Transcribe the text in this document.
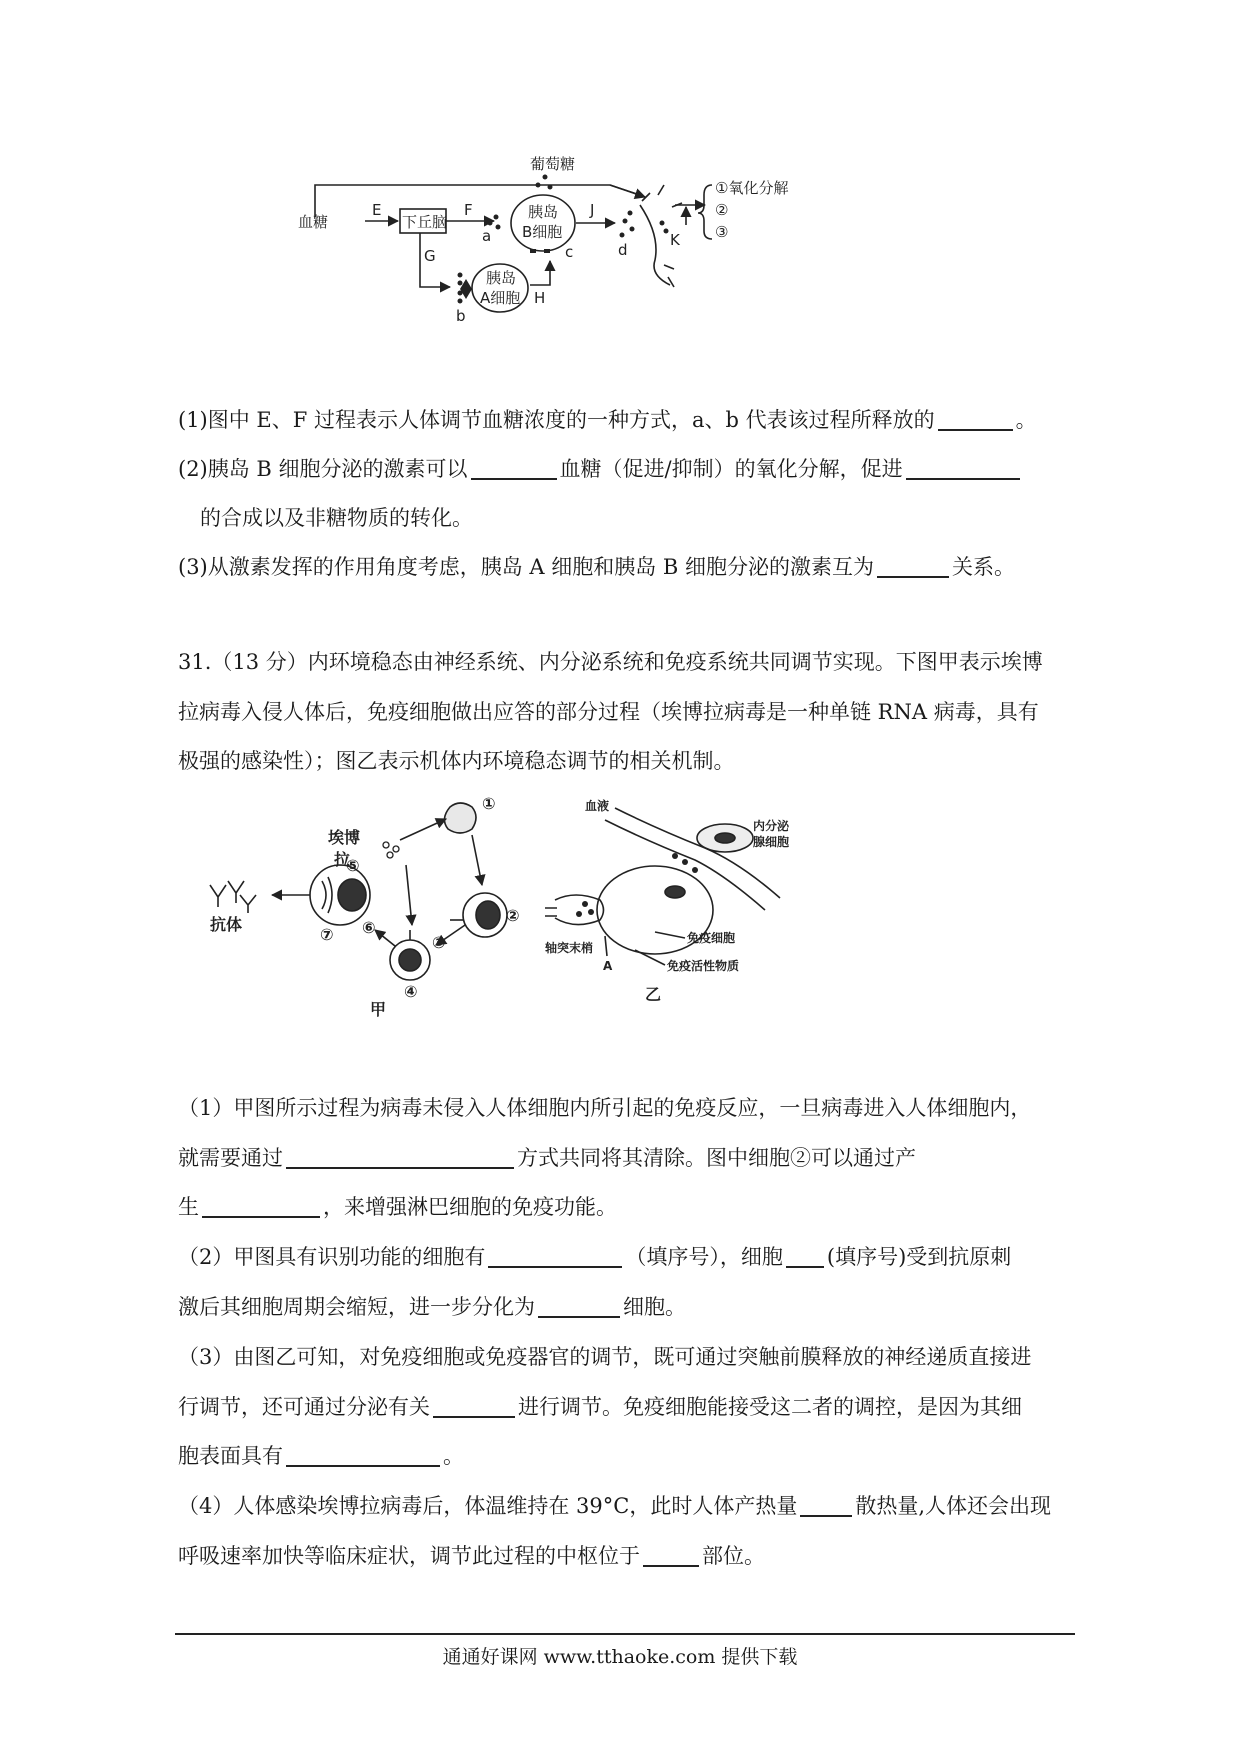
葡萄糖
血糖
E
下丘脑
F
G
胰岛
B细胞
胰岛
A细胞
a
b
c	d
H
J
K
①氧化分解
②
③
(1)图中 E、F 过程表示人体调节血糖浓度的一种方式，a、b 代表该过程所释放的	。
(2)胰岛 B 细胞分泌的激素可以	血糖（促进/抑制）的氧化分解，促进
的合成以及非糖物质的转化。
(3)从激素发挥的作用角度考虑，胰岛 A 细胞和胰岛 B 细胞分泌的激素互为	关系。
31.（13 分）内环境稳态由神经系统、内分泌系统和免疫系统共同调节实现。下图甲表示埃博
拉病毒入侵人体后，免疫细胞做出应答的部分过程（埃博拉病毒是一种单链 RNA 病毒，具有
极强的感染性）；图乙表示机体内环境稳态调节的相关机制。
抗体
埃博
拉
①
②
③
④
⑤
⑥
⑦
甲
血液
内分泌
腺细胞
轴突末梢
A
免疫细胞
免疫活性物质
乙
（1）甲图所示过程为病毒未侵入人体细胞内所引起的免疫反应，一旦病毒进入人体细胞内，
就需要通过	方式共同将其清除。图中细胞②可以通过产
生	，来增强淋巴细胞的免疫功能。
（2）甲图具有识别功能的细胞有	（填序号），细胞 (填序号)受到抗原刺
激后其细胞周期会缩短，进一步分化为	细胞。
（3）由图乙可知，对免疫细胞或免疫器官的调节，既可通过突触前膜释放的神经递质直接进
行调节，还可通过分泌有关	进行调节。免疫细胞能接受这二者的调控，是因为其细
胞表面具有	。
（4）人体感染埃博拉病毒后，体温维持在 39°C，此时人体产热量	散热量,人体还会出现
呼吸速率加快等临床症状，调节此过程的中枢位于	部位。
通通好课网 www.tthaoke.com 提供下载
